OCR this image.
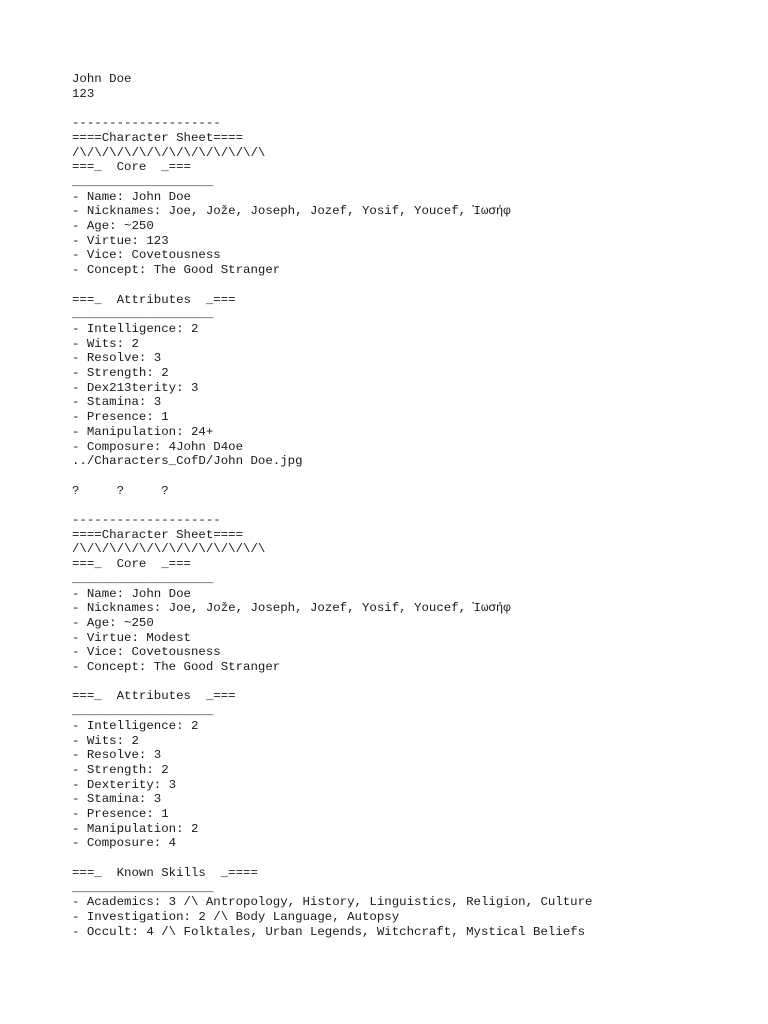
John Doe
123
--------------------
====Character Sheet====
/\/\/\/\/\/\/\/\/\/\/\/\/\
===_  Core  _===
___________________
- Name: John Doe
- Nicknames: Joe, Jože, Joseph, Jozef, Yosif, Youcef, Ἰωσήφ
- Age: ~250
- Virtue: 123
- Vice: Covetousness
- Concept: The Good Stranger
===_  Attributes  _===
___________________
- Intelligence: 2
- Wits: 2
- Resolve: 3
- Strength: 2
- Dex213terity: 3
- Stamina: 3
- Presence: 1
- Manipulation: 24+
- Composure: 4John D4oe
../Characters_CofD/John Doe.jpg
?     ?     ?
--------------------
====Character Sheet====
/\/\/\/\/\/\/\/\/\/\/\/\/\
===_  Core  _===
___________________
- Name: John Doe
- Nicknames: Joe, Jože, Joseph, Jozef, Yosif, Youcef, Ἰωσήφ
- Age: ~250
- Virtue: Modest
- Vice: Covetousness
- Concept: The Good Stranger
===_  Attributes  _===
___________________
- Intelligence: 2
- Wits: 2
- Resolve: 3
- Strength: 2
- Dexterity: 3
- Stamina: 3
- Presence: 1
- Manipulation: 2
- Composure: 4
===_  Known Skills  _====
___________________
- Academics: 3 /\ Antropology, History, Linguistics, Religion, Culture
- Investigation: 2 /\ Body Language, Autopsy
- Occult: 4 /\ Folktales, Urban Legends, Witchcraft, Mystical Beliefs
